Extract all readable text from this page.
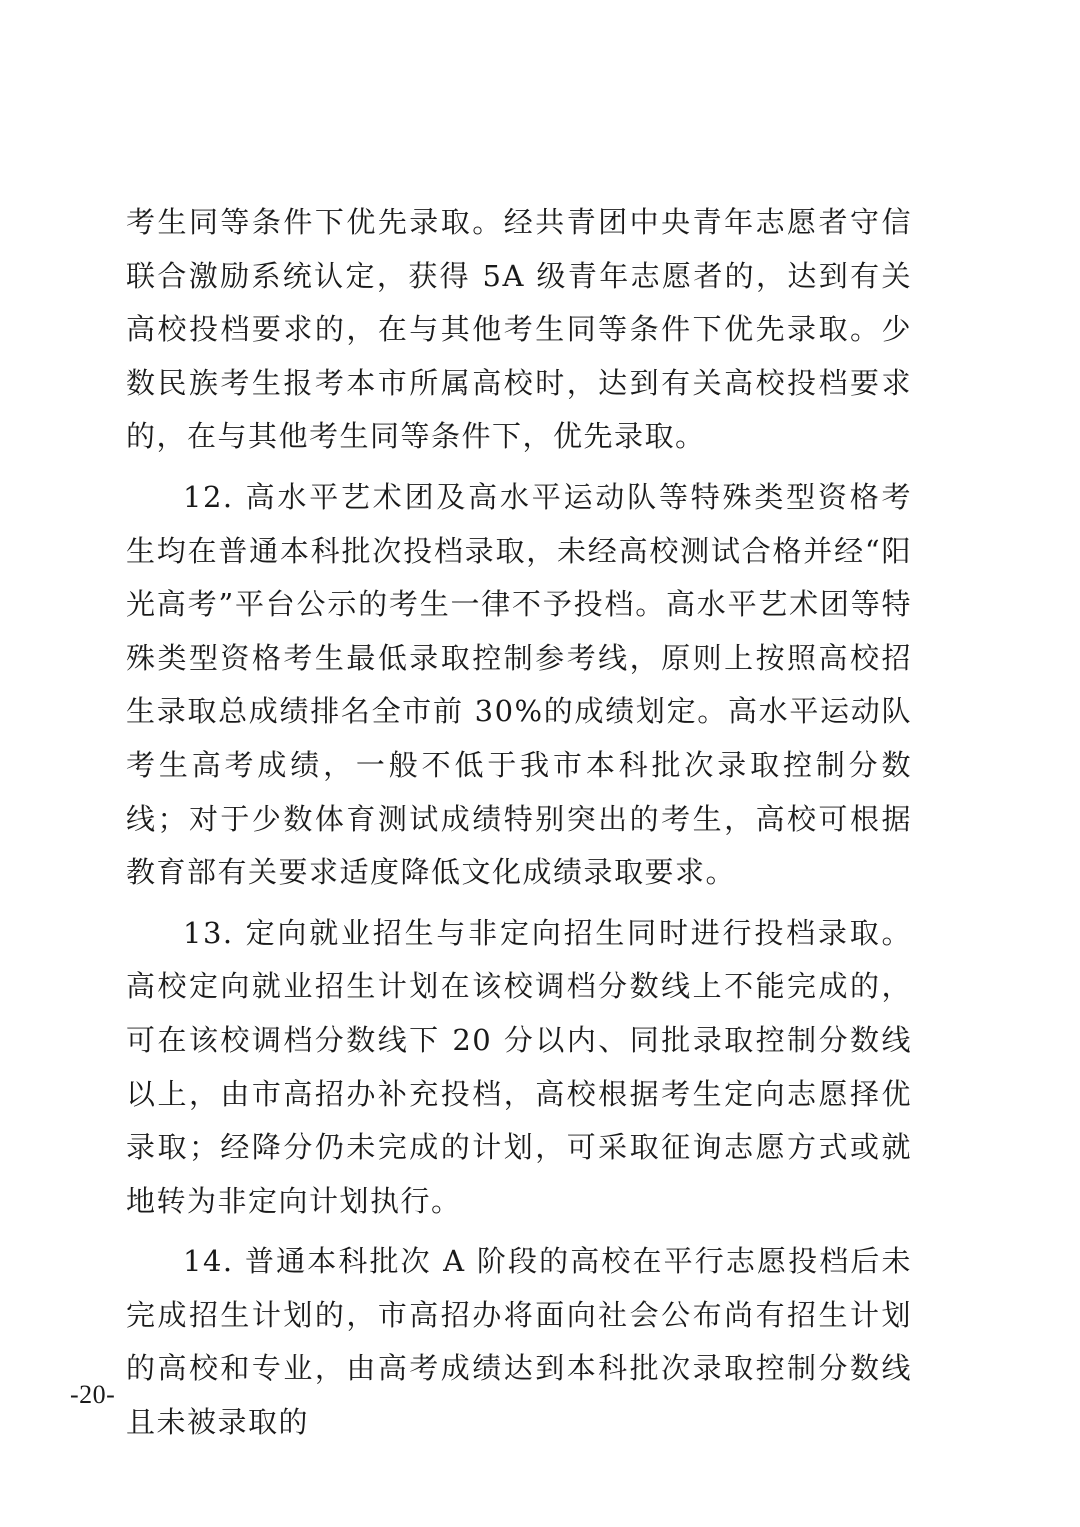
考生同等条件下优先录取。经共青团中央青年志愿者守信联合激励系统认定，获得 5A 级青年志愿者的，达到有关高校投档要求的，在与其他考生同等条件下优先录取。少数民族考生报考本市所属高校时，达到有关高校投档要求的，在与其他考生同等条件下，优先录取。

12. 高水平艺术团及高水平运动队等特殊类型资格考生均在普通本科批次投档录取，未经高校测试合格并经“阳光高考”平台公示的考生一律不予投档。高水平艺术团等特殊类型资格考生最低录取控制参考线，原则上按照高校招生录取总成绩排名全市前 30%的成绩划定。高水平运动队考生高考成绩，一般不低于我市本科批次录取控制分数线；对于少数体育测试成绩特别突出的考生，高校可根据教育部有关要求适度降低文化成绩录取要求。

13. 定向就业招生与非定向招生同时进行投档录取。高校定向就业招生计划在该校调档分数线上不能完成的，可在该校调档分数线下 20 分以内、同批录取控制分数线以上，由市高招办补充投档，高校根据考生定向志愿择优录取；经降分仍未完成的计划，可采取征询志愿方式或就地转为非定向计划执行。

14. 普通本科批次 A 阶段的高校在平行志愿投档后未完成招生计划的，市高招办将面向社会公布尚有招生计划的高校和专业，由高考成绩达到本科批次录取控制分数线且未被录取的

-20-
